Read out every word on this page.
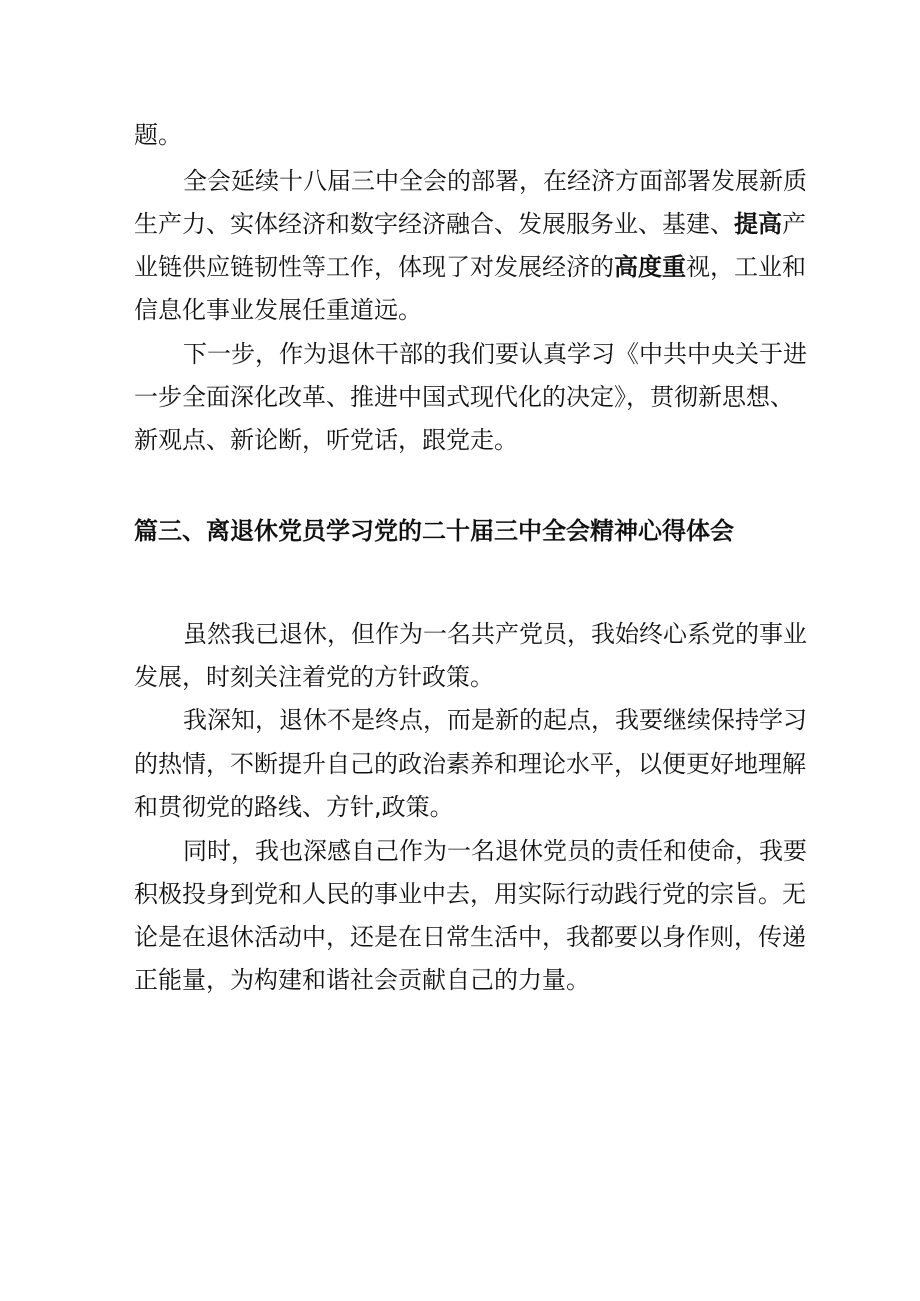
题。
全会延续十八届三中全会的部署，在经济方面部署发展新质
生产力、实体经济和数字经济融合、发展服务业、基建、提高产
业链供应链韧性等工作，体现了对发展经济的高度重视，工业和
信息化事业发展任重道远。
下一步，作为退休干部的我们要认真学习《中共中央关于进
一步全面深化改革、推进中国式现代化的决定》，贯彻新思想、
新观点、新论断，听党话，跟党走。
篇三、离退休党员学习党的二十届三中全会精神心得体会
虽然我已退休，但作为一名共产党员，我始终心系党的事业
发展，时刻关注着党的方针政策。
我深知，退休不是终点，而是新的起点，我要继续保持学习
的热情，不断提升自己的政治素养和理论水平，以便更好地理解
和贯彻党的路线、方针,政策。
同时，我也深感自己作为一名退休党员的责任和使命，我要
积极投身到党和人民的事业中去，用实际行动践行党的宗旨。无
论是在退休活动中，还是在日常生活中，我都要以身作则，传递
正能量，为构建和谐社会贡献自己的力量。
